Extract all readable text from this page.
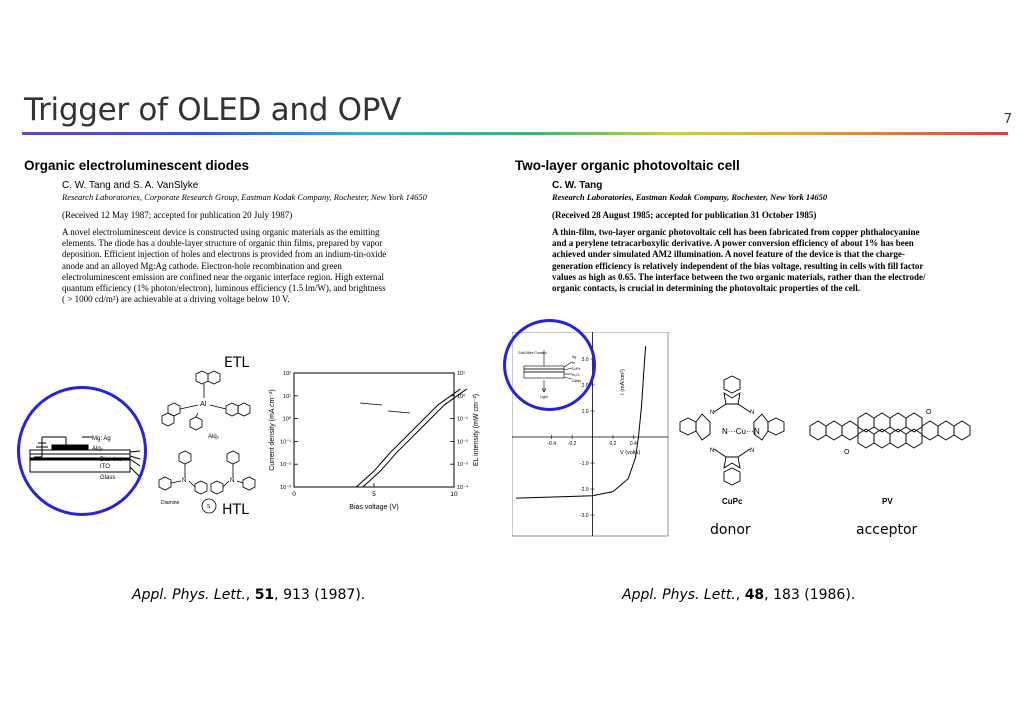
Trigger of OLED and OPV	7
Organic electroluminescent diodes
C. W. Tang and S. A. VanSlyke
Research Laboratories, Corporate Research Group, Eastman Kodak Company, Rochester, New York 14650
(Received 12 May 1987; accepted for publication 20 July 1987)
A novel electroluminescent device is constructed using organic materials as the emitting
elements. The diode has a double-layer structure of organic thin films, prepared by vapor
deposition. Efficient injection of holes and electrons is provided from an indium-tin-oxide
anode and an alloyed Mg:Ag cathode. Electron-hole recombination and green
electroluminescent emission are confined near the organic interface region. High external
quantum efficiency (1% photon/electron), luminous efficiency (1.5 lm/W), and brightness
( > 1000 cd/m²) are achievable at a driving voltage below 10 V.
Two-layer organic photovoltaic cell
C. W. Tang
Research Laboratories, Eastman Kodak Company, Rochester, New York 14650
(Received 28 August 1985; accepted for publication 31 October 1985)
A thin-film, two-layer organic photovoltaic cell has been fabricated from copper phthalocyanine
and a perylene tetracarboxylic derivative. A power conversion efficiency of about 1% has been
achieved under simulated AM2 illumination. A novel feature of the device is that the charge-
generation efficiency is relatively independent of the bias voltage, resulting in cells with fill factor
values as high as 0.65. The interface between the two organic materials, rather than the electrode/
organic contacts, is crucial in determining the photovoltaic properties of the cell.
Mg: Ag
Alq₃
Diamine
ITO
Glass
Al
Alq₃
ETL
N	N
S
Diamine	HTL
0	5	10
10²
10¹
10⁰
10⁻¹
10⁻²
10⁻³
10¹
10⁰
10⁻¹
10⁻²
10⁻³
10⁻⁴
Bias voltage (V)
Current density (mA cm⁻²)	EL intensity (mW cm⁻²)	-0.4 -0.2	0.2	0.4
3.0
2.0
1.0
-1.0
-2.0
-3.0
V (volts)
I (mA/cm²)
Gold Wire Contact
Ag
In
CuPc
In₂O₃
Glass
Light
N···Cu···N
N	N
N	N
CuPc
donor
O
O
PV
acceptor
Appl. Phys. Lett., 51, 913 (1987).	Appl. Phys. Lett., 48, 183 (1986).
